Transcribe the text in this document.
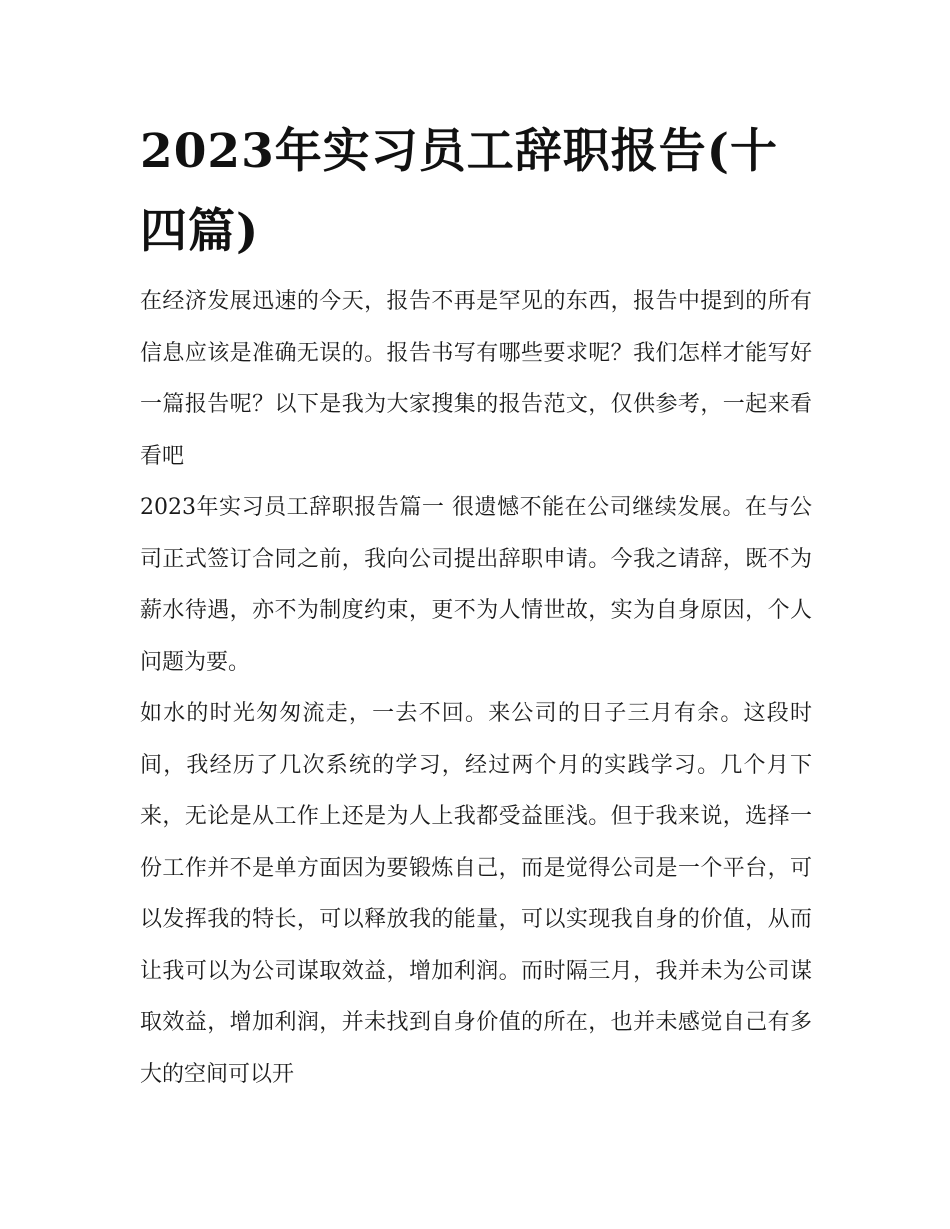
2023年实习员工辞职报告(十四篇)

在经济发展迅速的今天，报告不再是罕见的东西，报告中提到的所有信息应该是准确无误的。报告书写有哪些要求呢？我们怎样才能写好一篇报告呢？以下是我为大家搜集的报告范文，仅供参考，一起来看看吧

2023年实习员工辞职报告篇一 很遗憾不能在公司继续发展。在与公司正式签订合同之前，我向公司提出辞职申请。今我之请辞，既不为薪水待遇，亦不为制度约束，更不为人情世故，实为自身原因，个人问题为要。

如水的时光匆匆流走，一去不回。来公司的日子三月有余。这段时间，我经历了几次系统的学习，经过两个月的实践学习。几个月下来，无论是从工作上还是为人上我都受益匪浅。但于我来说，选择一份工作并不是单方面因为要锻炼自己，而是觉得公司是一个平台，可以发挥我的特长，可以释放我的能量，可以实现我自身的价值，从而让我可以为公司谋取效益，增加利润。而时隔三月，我并未为公司谋取效益，增加利润，并未找到自身价值的所在，也并未感觉自己有多大的空间可以开
